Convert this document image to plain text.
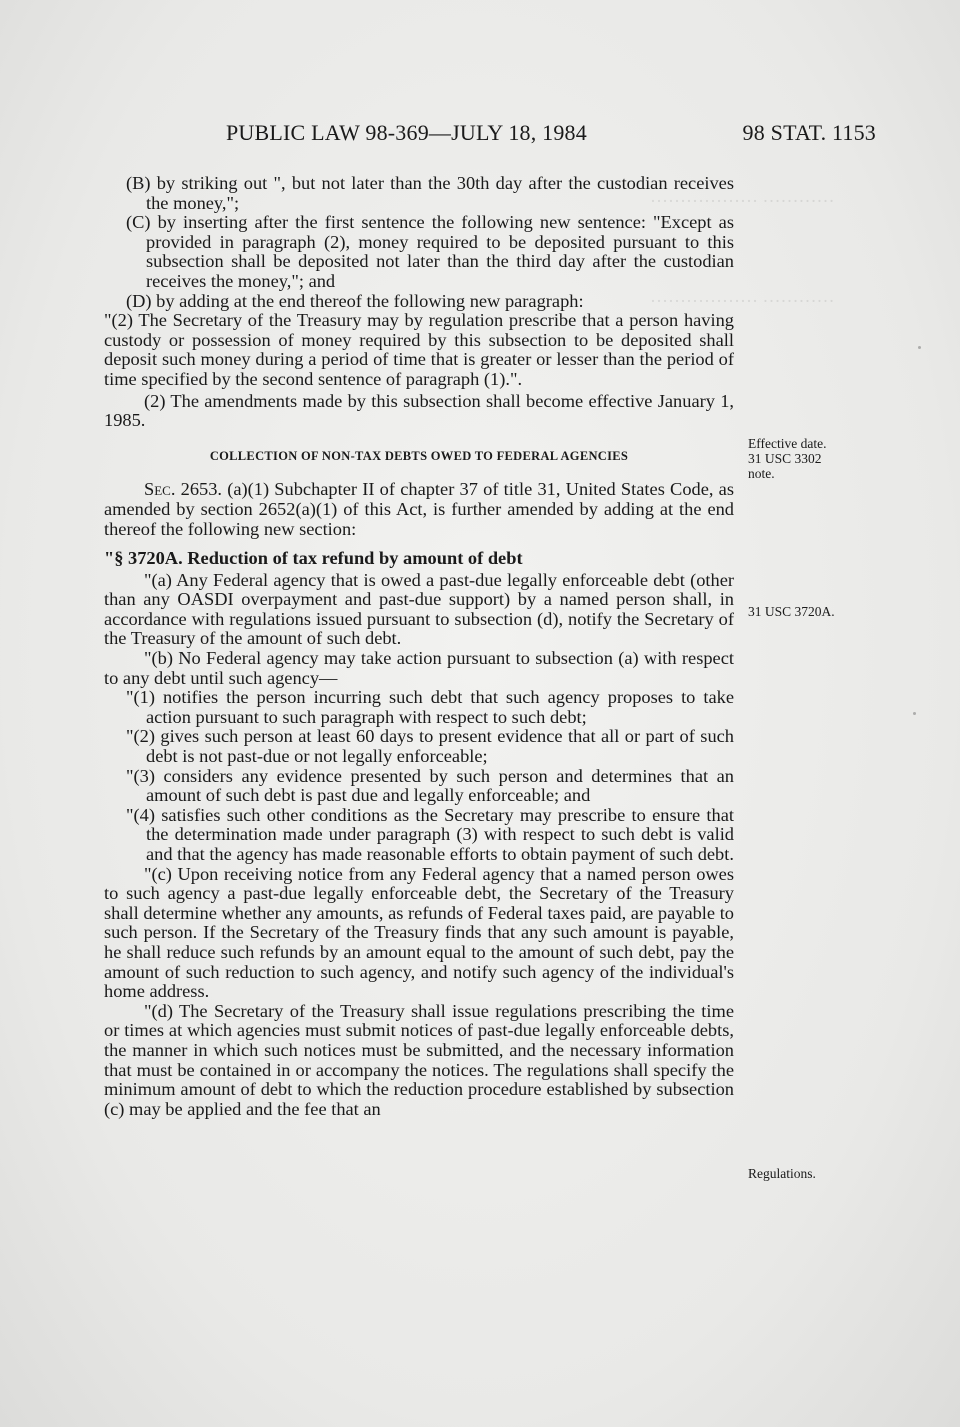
………… ………………
………… ………………
PUBLIC LAW 98-369—JULY 18, 1984	98 STAT. 1153

(B) by striking out ", but not later than the 30th day after the custodian receives the money,";

(C) by inserting after the first sentence the following new sentence: "Except as provided in paragraph (2), money required to be deposited pursuant to this subsection shall be deposited not later than the third day after the custodian receives the money,"; and

(D) by adding at the end thereof the following new paragraph:

"(2) The Secretary of the Treasury may by regulation prescribe that a person having custody or possession of money required by this subsection to be deposited shall deposit such money during a period of time that is greater or lesser than the period of time specified by the second sentence of paragraph (1).".

(2) The amendments made by this subsection shall become effective January 1, 1985.

COLLECTION OF NON-TAX DEBTS OWED TO FEDERAL AGENCIES

Sec. 2653. (a)(1) Subchapter II of chapter 37 of title 31, United States Code, as amended by section 2652(a)(1) of this Act, is further amended by adding at the end thereof the following new section:

"§ 3720A. Reduction of tax refund by amount of debt

"(a) Any Federal agency that is owed a past-due legally enforceable debt (other than any OASDI overpayment and past-due support) by a named person shall, in accordance with regulations issued pursuant to subsection (d), notify the Secretary of the Treasury of the amount of such debt.

"(b) No Federal agency may take action pursuant to subsection (a) with respect to any debt until such agency—

"(1) notifies the person incurring such debt that such agency proposes to take action pursuant to such paragraph with respect to such debt;

"(2) gives such person at least 60 days to present evidence that all or part of such debt is not past-due or not legally enforceable;

"(3) considers any evidence presented by such person and determines that an amount of such debt is past due and legally enforceable; and

"(4) satisfies such other conditions as the Secretary may prescribe to ensure that the determination made under paragraph (3) with respect to such debt is valid and that the agency has made reasonable efforts to obtain payment of such debt.

"(c) Upon receiving notice from any Federal agency that a named person owes to such agency a past-due legally enforceable debt, the Secretary of the Treasury shall determine whether any amounts, as refunds of Federal taxes paid, are payable to such person. If the Secretary of the Treasury finds that any such amount is payable, he shall reduce such refunds by an amount equal to the amount of such debt, pay the amount of such reduction to such agency, and notify such agency of the individual's home address.

"(d) The Secretary of the Treasury shall issue regulations prescribing the time or times at which agencies must submit notices of past-due legally enforceable debts, the manner in which such notices must be submitted, and the necessary information that must be contained in or accompany the notices. The regulations shall specify the minimum amount of debt to which the reduction procedure established by subsection (c) may be applied and the fee that an

Effective date.
31 USC 3302
note.
31 USC 3720A.
Regulations.
